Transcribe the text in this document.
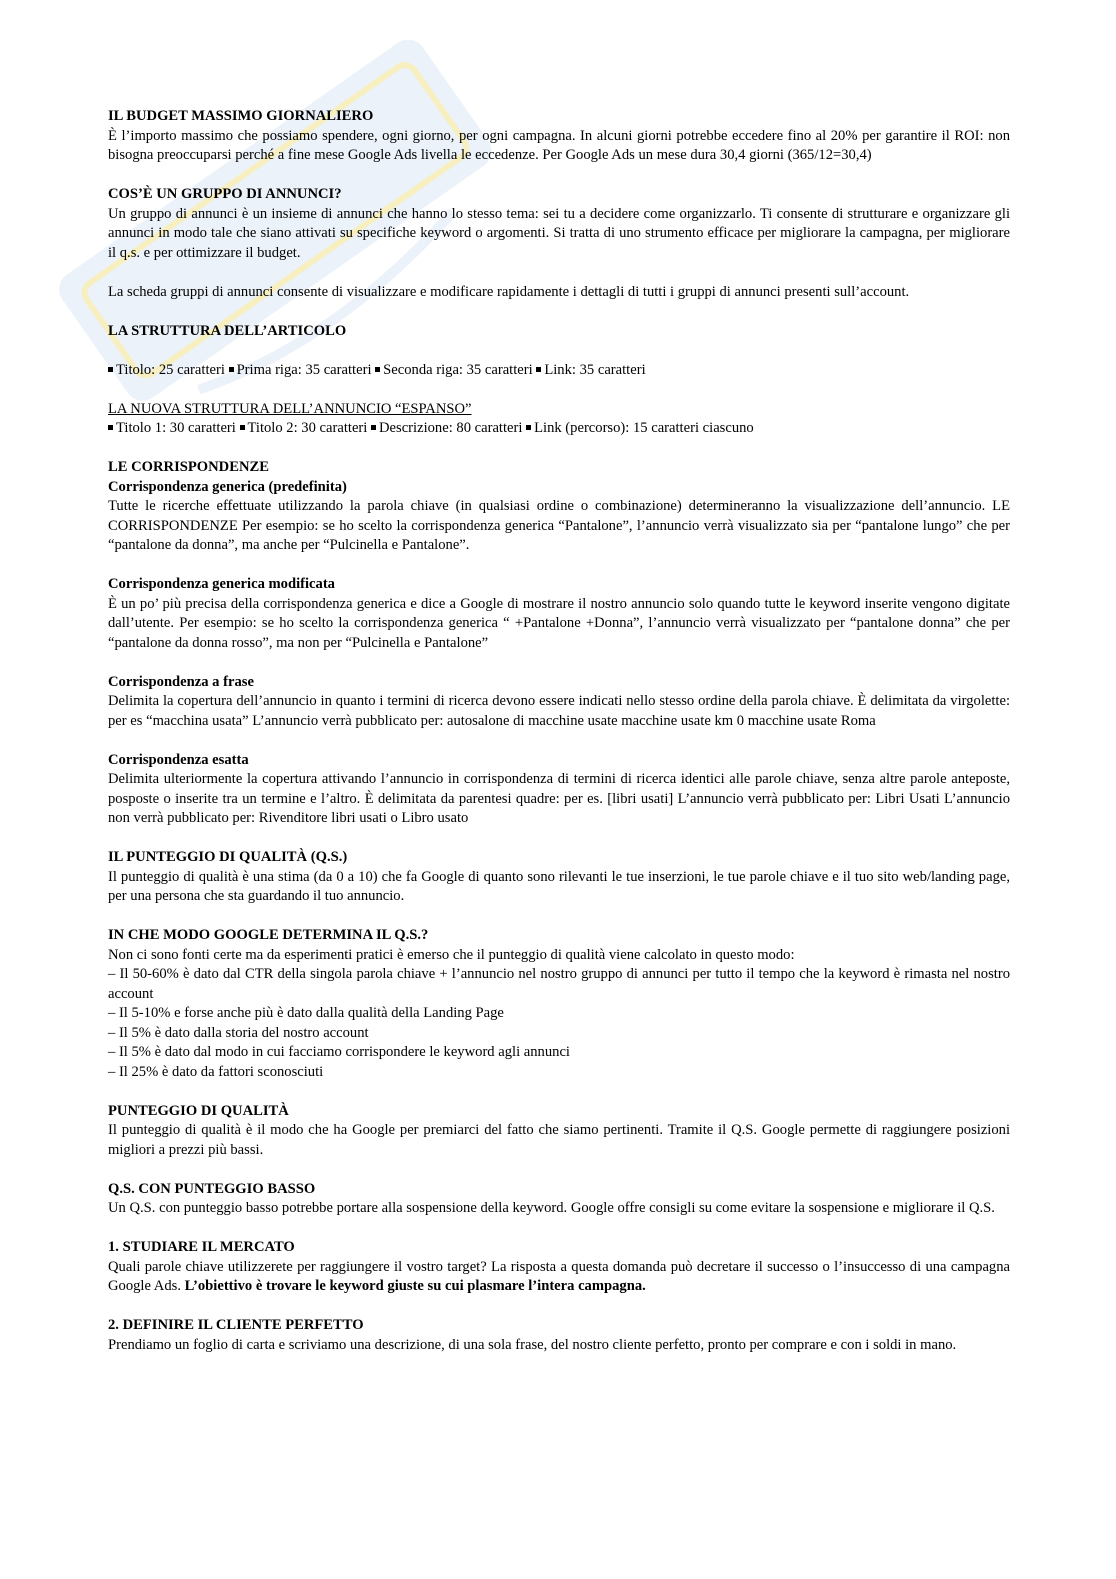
IL BUDGET MASSIMO GIORNALIERO

È l’importo massimo che possiamo spendere, ogni giorno, per ogni campagna. In alcuni giorni potrebbe eccedere fino al 20% per garantire il ROI: non bisogna preoccuparsi perché a fine mese Google Ads livella le eccedenze. Per Google Ads un mese dura 30,4 giorni (365/12=30,4)

COS’È UN GRUPPO DI ANNUNCI?

Un gruppo di annunci è un insieme di annunci che hanno lo stesso tema: sei tu a decidere come organizzarlo. Ti consente di strutturare e organizzare gli annunci in modo tale che siano attivati su specifiche keyword o argomenti. Si tratta di uno strumento efficace per migliorare la campagna, per migliorare il q.s. e per ottimizzare il budget.

La scheda gruppi di annunci consente di visualizzare e modificare rapidamente i dettagli di tutti i gruppi di annunci presenti sull’account.

LA STRUTTURA DELL’ARTICOLO

Titolo: 25 caratteri Prima riga: 35 caratteri Seconda riga: 35 caratteri Link: 35 caratteri

LA NUOVA STRUTTURA DELL’ANNUNCIO “ESPANSO”

Titolo 1: 30 caratteri Titolo 2: 30 caratteri Descrizione: 80 caratteri Link (percorso): 15 caratteri ciascuno

LE CORRISPONDENZE
Corrispondenza generica (predefinita)

Tutte le ricerche effettuate utilizzando la parola chiave (in qualsiasi ordine o combinazione) determineranno la visualizzazione dell’annuncio. LE CORRISPONDENZE Per esempio: se ho scelto la corrispondenza generica “Pantalone”, l’annuncio verrà visualizzato sia per “pantalone lungo” che per “pantalone da donna”, ma anche per “Pulcinella e Pantalone”.

Corrispondenza generica modificata

È un po’ più precisa della corrispondenza generica e dice a Google di mostrare il nostro annuncio solo quando tutte le keyword inserite vengono digitate dall’utente. Per esempio: se ho scelto la corrispondenza generica “ +Pantalone +Donna”, l’annuncio verrà visualizzato per “pantalone donna” che per “pantalone da donna rosso”, ma non per “Pulcinella e Pantalone”

Corrispondenza a frase

Delimita la copertura dell’annuncio in quanto i termini di ricerca devono essere indicati nello stesso ordine della parola chiave. È delimitata da virgolette: per es “macchina usata” L’annuncio verrà pubblicato per: autosalone di macchine usate macchine usate km 0 macchine usate Roma

Corrispondenza esatta

Delimita ulteriormente la copertura attivando l’annuncio in corrispondenza di termini di ricerca identici alle parole chiave, senza altre parole anteposte, posposte o inserite tra un termine e l’altro. È delimitata da parentesi quadre: per es. [libri usati] L’annuncio verrà pubblicato per: Libri Usati L’annuncio non verrà pubblicato per: Rivenditore libri usati o Libro usato

IL PUNTEGGIO DI QUALITÀ (Q.S.)

Il punteggio di qualità è una stima (da 0 a 10) che fa Google di quanto sono rilevanti le tue inserzioni, le tue parole chiave e il tuo sito web/landing page, per una persona che sta guardando il tuo annuncio.

IN CHE MODO GOOGLE DETERMINA IL Q.S.?

Non ci sono fonti certe ma da esperimenti pratici è emerso che il punteggio di qualità viene calcolato in questo modo:

– Il 50-60% è dato dal CTR della singola parola chiave + l’annuncio nel nostro gruppo di annunci per tutto il tempo che la keyword è rimasta nel nostro account

– Il 5-10% e forse anche più è dato dalla qualità della Landing Page

– Il 5% è dato dalla storia del nostro account

– Il 5% è dato dal modo in cui facciamo corrispondere le keyword agli annunci

– Il 25% è dato da fattori sconosciuti

PUNTEGGIO DI QUALITÀ

Il punteggio di qualità è il modo che ha Google per premiarci del fatto che siamo pertinenti. Tramite il Q.S. Google permette di raggiungere posizioni migliori a prezzi più bassi.

Q.S. CON PUNTEGGIO BASSO

Un Q.S. con punteggio basso potrebbe portare alla sospensione della keyword. Google offre consigli su come evitare la sospensione e migliorare il Q.S.

1. STUDIARE IL MERCATO

Quali parole chiave utilizzerete per raggiungere il vostro target? La risposta a questa domanda può decretare il successo o l’insuccesso di una campagna Google Ads. L’obiettivo è trovare le keyword giuste su cui plasmare l’intera campagna.

2. DEFINIRE IL CLIENTE PERFETTO

Prendiamo un foglio di carta e scriviamo una descrizione, di una sola frase, del nostro cliente perfetto, pronto per comprare e con i soldi in mano.
